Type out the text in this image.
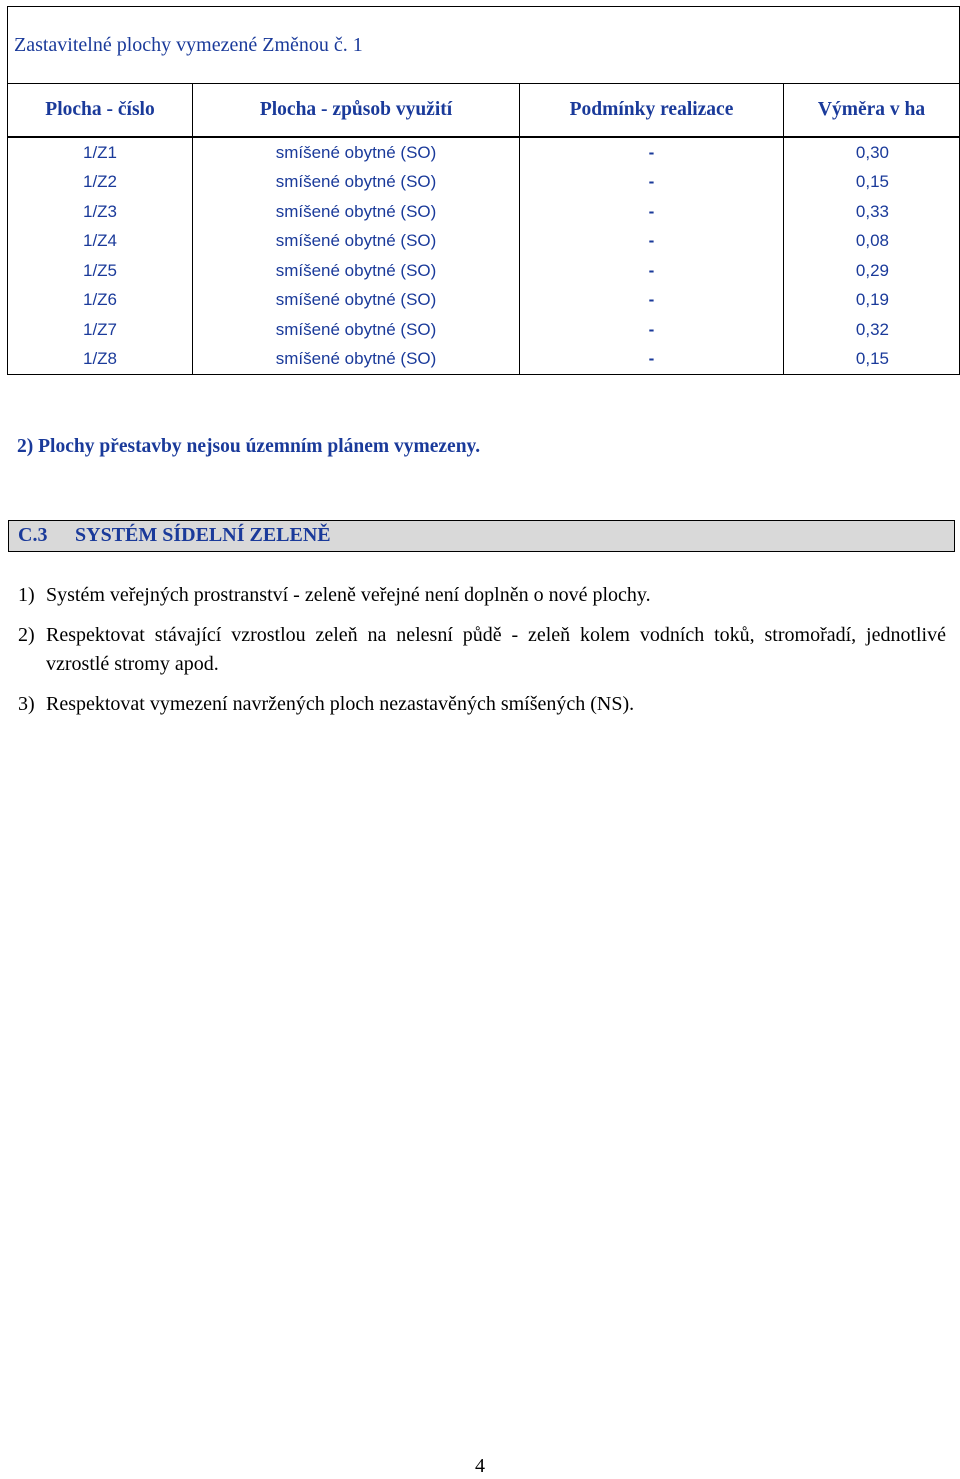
Zastavitelné plochy vymezené Změnou č. 1			
Plocha - číslo	Plocha - způsob využití	Podmínky realizace	Výměra v ha
1/Z1	smíšené obytné (SO)	-	0,30
1/Z2	smíšené obytné (SO)	-	0,15
1/Z3	smíšené obytné (SO)	-	0,33
1/Z4	smíšené obytné (SO)	-	0,08
1/Z5	smíšené obytné (SO)	-	0,29
1/Z6	smíšené obytné (SO)	-	0,19
1/Z7	smíšené obytné (SO)	-	0,32
1/Z8	smíšené obytné (SO)	-	0,15
2) Plochy přestavby nejsou územním plánem vymezeny.
C.3 SYSTÉM SÍDELNÍ ZELENĚ
1) Systém veřejných prostranství - zeleně veřejné není doplněn o nové plochy.
2) Respektovat stávající vzrostlou zeleň na nelesní půdě - zeleň kolem vodních toků, stromořadí, jednotlivé vzrostlé stromy apod.
3) Respektovat vymezení navržených ploch nezastavěných smíšených (NS).
4
